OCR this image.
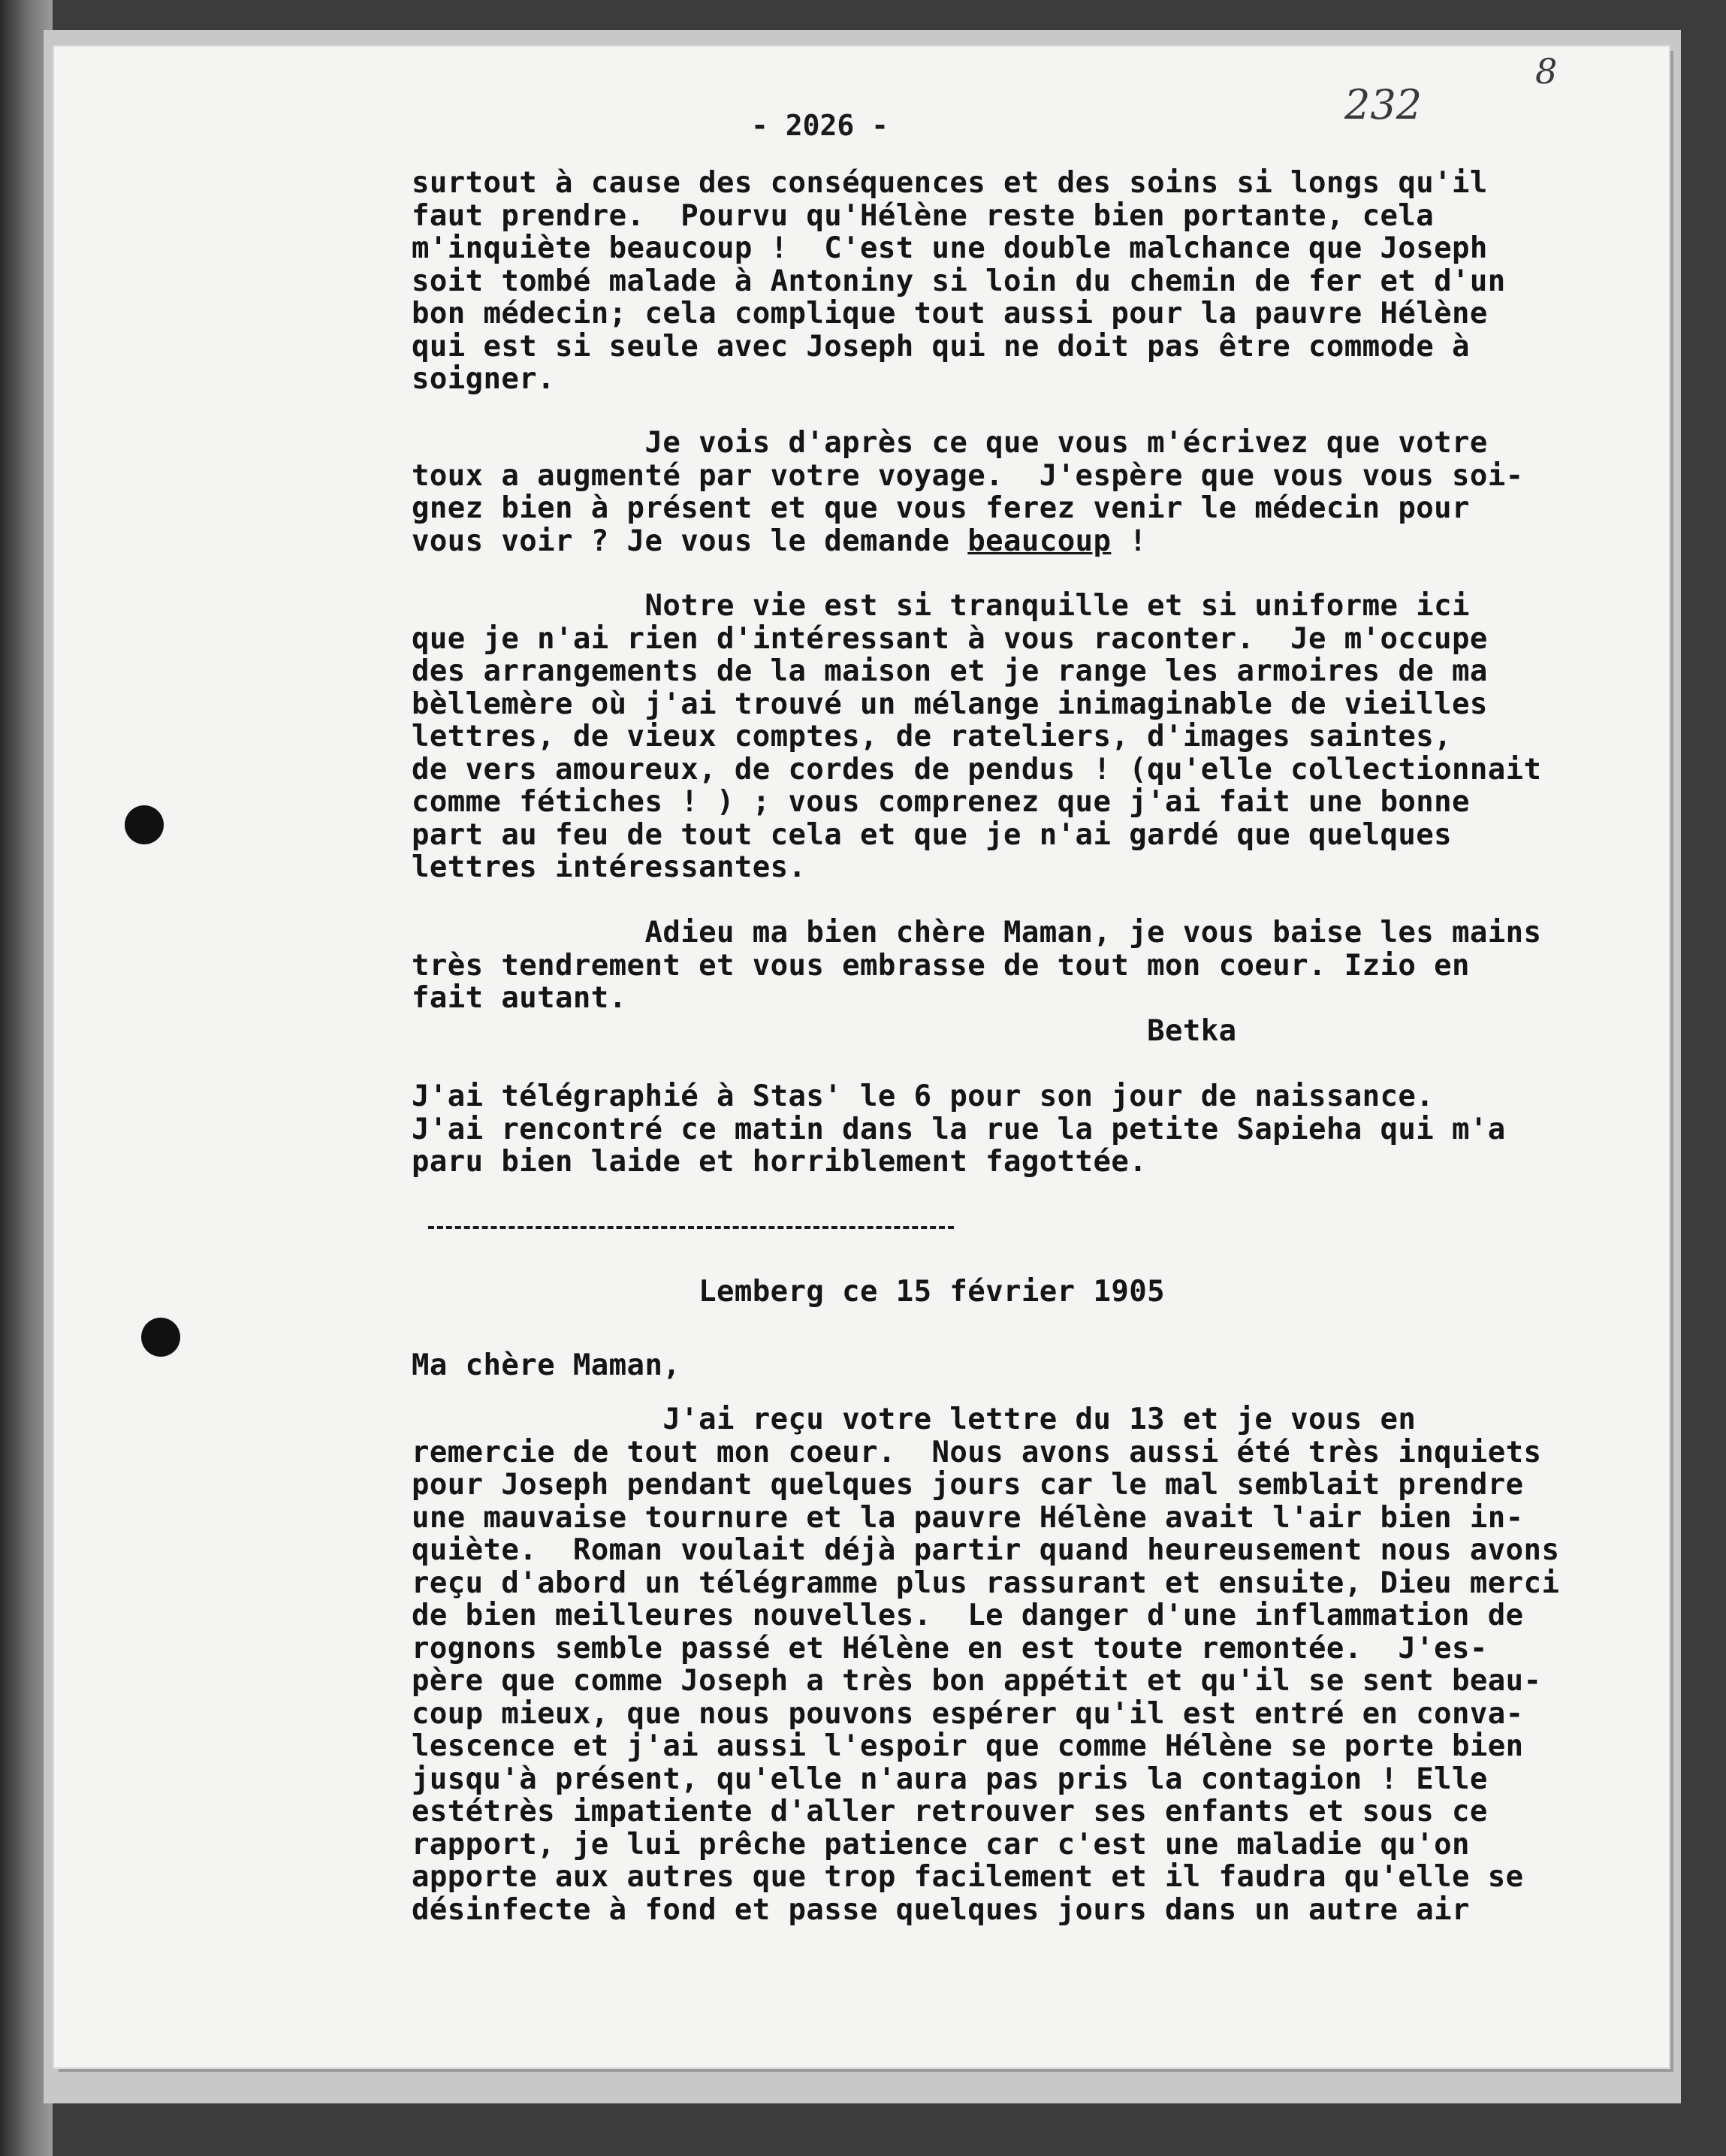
232
8
- 2026 -
surtout à cause des conséquences et des soins si longs qu'il
faut prendre.  Pourvu qu'Hélène reste bien portante, cela
m'inquiète beaucoup !  C'est une double malchance que Joseph
soit tombé malade à Antoniny si loin du chemin de fer et d'un
bon médecin; cela complique tout aussi pour la pauvre Hélène
qui est si seule avec Joseph qui ne doit pas être commode à
soigner.
Je vois d'après ce que vous m'écrivez que votre
toux a augmenté par votre voyage.  J'espère que vous vous soi-
gnez bien à présent et que vous ferez venir le médecin pour
vous voir ? Je vous le demande beaucoup !
Notre vie est si tranquille et si uniforme ici
que je n'ai rien d'intéressant à vous raconter.  Je m'occupe
des arrangements de la maison et je range les armoires de ma
bèllemère où j'ai trouvé un mélange inimaginable de vieilles
lettres, de vieux comptes, de rateliers, d'images saintes,
de vers amoureux, de cordes de pendus ! (qu'elle collectionnait
comme fétiches ! ) ; vous comprenez que j'ai fait une bonne
part au feu de tout cela et que je n'ai gardé que quelques
lettres intéressantes.
Adieu ma bien chère Maman, je vous baise les mains
très tendrement et vous embrasse de tout mon coeur. Izio en
fait autant.
Betka
J'ai télégraphié à Stas' le 6 pour son jour de naissance.
J'ai rencontré ce matin dans la rue la petite Sapieha qui m'a
paru bien laide et horriblement fagottée.
Lemberg ce 15 février 1905
Ma chère Maman,
J'ai reçu votre lettre du 13 et je vous en
remercie de tout mon coeur.  Nous avons aussi été très inquiets
pour Joseph pendant quelques jours car le mal semblait prendre
une mauvaise tournure et la pauvre Hélène avait l'air bien in-
quiète.  Roman voulait déjà partir quand heureusement nous avons
reçu d'abord un télégramme plus rassurant et ensuite, Dieu merci
de bien meilleures nouvelles.  Le danger d'une inflammation de
rognons semble passé et Hélène en est toute remontée.  J'es-
père que comme Joseph a très bon appétit et qu'il se sent beau-
coup mieux, que nous pouvons espérer qu'il est entré en conva-
lescence et j'ai aussi l'espoir que comme Hélène se porte bien
jusqu'à présent, qu'elle n'aura pas pris la contagion ! Elle
estétrès impatiente d'aller retrouver ses enfants et sous ce
rapport, je lui prêche patience car c'est une maladie qu'on
apporte aux autres que trop facilement et il faudra qu'elle se
désinfecte à fond et passe quelques jours dans un autre air
